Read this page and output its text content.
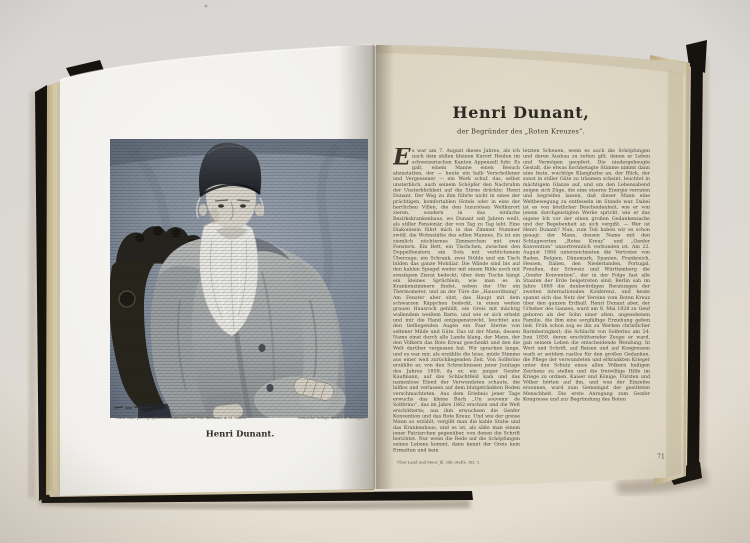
Henri Dunant,
der Begründer des „Roten Kreuzes“.
Es war am 7. August dieses Jahres, als ich nach dem stillen kleinen Kurort Heiden im schweizerischen Kanton Appenzell fuhr. Es galt, einem Manne einen Besuch abzustatten, der — heute ein halb Verschollener und Vergessener — ein Werk schuf, das, selbst unsterblich, auch seinem Schöpfer den Nachruhm der Unsterblichkeit auf die Stirne drückte: Henri Dunant. Der Weg zu ihm führte nicht in eines der prächtigen, komfortablen Hotels oder in eine der herrlichen Villen, die den luxuriösen Weltkurort zieren, sondern in das einfache Bezirkskrankenhaus, wo Dunant seit Jahren weilt, als stiller Pensionär, der von Tag zu Tag lebt. Eine Diakonissin führt mich in das Zimmer Nummer zwölf, die Wohnstätte des edlen Mannes. Es ist ein ziemlich nüchternes Zimmerchen mit zwei Fenstern. Ein Bett, ein Tischchen, zwischen den Doppelfenstern ein Sofa mit verblichenem Überzuge, ein Schrank, zwei Stühle und ein Tisch bilden das ganze Mobiliar. Die Wände sind bis auf den kahlen Spiegel weder mit einem Bilde noch mit sonstigem Zierat bedeckt; über dem Tische hängt ein kleines Sprüchlein, wie man es in Krankenzimmern findet, neben der Uhr ein Thermometer, und an der Türe die „Hausordnung“. Am Fenster aber sitzt, das Haupt mit dem schwarzen Käppchen bedeckt, in einen weiten grauen Hausrock gehüllt, ein Greis mit mächtig wallendem weißem Barte, und wie er sich erhebt und mir die Hand entgegenstreckt, leuchtet aus den tiefliegenden Augen ein Paar Sterne von seltener Milde und Güte. Das ist der Mann, dessen Name einst durch alle Lande klang, der Mann, der den Völkern das Rote Kreuz geschenkt und den die Welt darüber vergessen hat. Wir sprachen lange, und es war mir, als erzählte die leise, müde Stimme aus einer weit zurückliegenden Zeit. Von Solferino erzählte er, von den Schrecknissen jener Junitage des Jahres 1859, da er, ein junger Genfer Kaufmann, auf das Schlachtfeld kam und das namenlose Elend der Verwundeten schaute, die hilflos und verlassen auf dem blutgetränkten Boden verschmachteten. Aus dem Erlebnis jener Tage erwuchs das kleine Buch „Un souvenir de Solférino“, das im Jahre 1862 erschien und die Welt erschütterte; aus ihm erwuchsen die Genfer Konvention und das Rote Kreuz. Und wie der greise Mann so erzählt, vergißt man die kahle Stube und das Krankenhaus, und es ist, als säße man einem jener Patriarchen gegenüber, von denen die Schrift berichtet. Nur wenn die Rede auf die Schöpfungen seines Lebens kommt, dann kennt der Greis kein Ermatten und kein
letzten Scheuen, wenn es auch die Schöpfungen und deren Ausbau zu retten gilt, denen er Leben und Vermögen geopfert. Die niedergebeugte Gestalt, die etwas hochbetagte Stimme nimmt dann eine feste, wuchtige Klangfarbe an, der Blick, der sonst in stiller Güte zu träumen scheint, leuchtet in mächtigem Glanze auf, und um den Lebensabend zeigen sich Züge, die eine eiserne Energie verraten und begreifen lassen, daß dieser Mann eine Weltbewegung zu entfesseln im Stande war. Dabei ist es von köstlicher Bescheidenheit, wie er von jenem durchgeistigten Werke spricht, wie er das eigene Ich vor der einen großen Gedankensache und der Begebenheit an sich vergißt. — Wer ist Henri Dunant? Nun, zum Teil haben wir es schon gesagt: der Mann, dessen Name mit den Schlagworten „Rotes Kreuz“ und „Genfer Konvention“ unzertrennlich verbunden ist. Am 22. August 1864 unterzeichneten die Vertreter von Baden, Belgien, Dänemark, Spanien, Frankreich, Hessen, Italien, den Niederlanden, Portugal, Preußen, der Schweiz und Württemberg die „Genfer Konvention“, der in der Folge fast alle Staaten der Erde beigetreten sind; Berlin sah im Jahre 1869 die denkwürdigen Beratungen der zweiten internationalen Konferenz, und heute spannt sich das Netz der Vereine vom Roten Kreuz über den ganzen Erdball. Henri Dunant aber, der Urheber des Ganzen, ward am 8. Mai 1828 zu Genf geboren als der Sohn einer alten, angesehenen Familie, die ihm eine sorgfältige Erziehung geben ließ. Früh schon zog es ihn zu Werken christlicher Barmherzigkeit; die Schlacht von Solferino am 24. Juni 1859, deren erschütternder Zeuge er ward, gab seinem Leben die entscheidende Wendung. In Wort und Schrift, auf Reisen und auf Kongressen warb er seitdem rastlos für den großen Gedanken, die Pflege der verwundeten und erkrankten Krieger unter den Schutz eines allen Völkern heiligen Zeichens zu stellen und die freiwillige Hilfe im Kriege zu ordnen. Kaiser und Könige, Fürsten und Völker hörten auf ihn, und was der Einzelne ersonnen, ward zum Gemeingut der gesitteten Menschheit. Die erste Anregung zum Genfer Kongresse und zur Begründung des Roten
Über Land und Meer. Jll. Okt.-Hefte. XII. 3.
71
Nach einer photographischen Aufnahme von Otto Rietmann in St. Gallen.	Deutsche Verlags-Anstalt in Stuttgart.
Henri Dunant.
